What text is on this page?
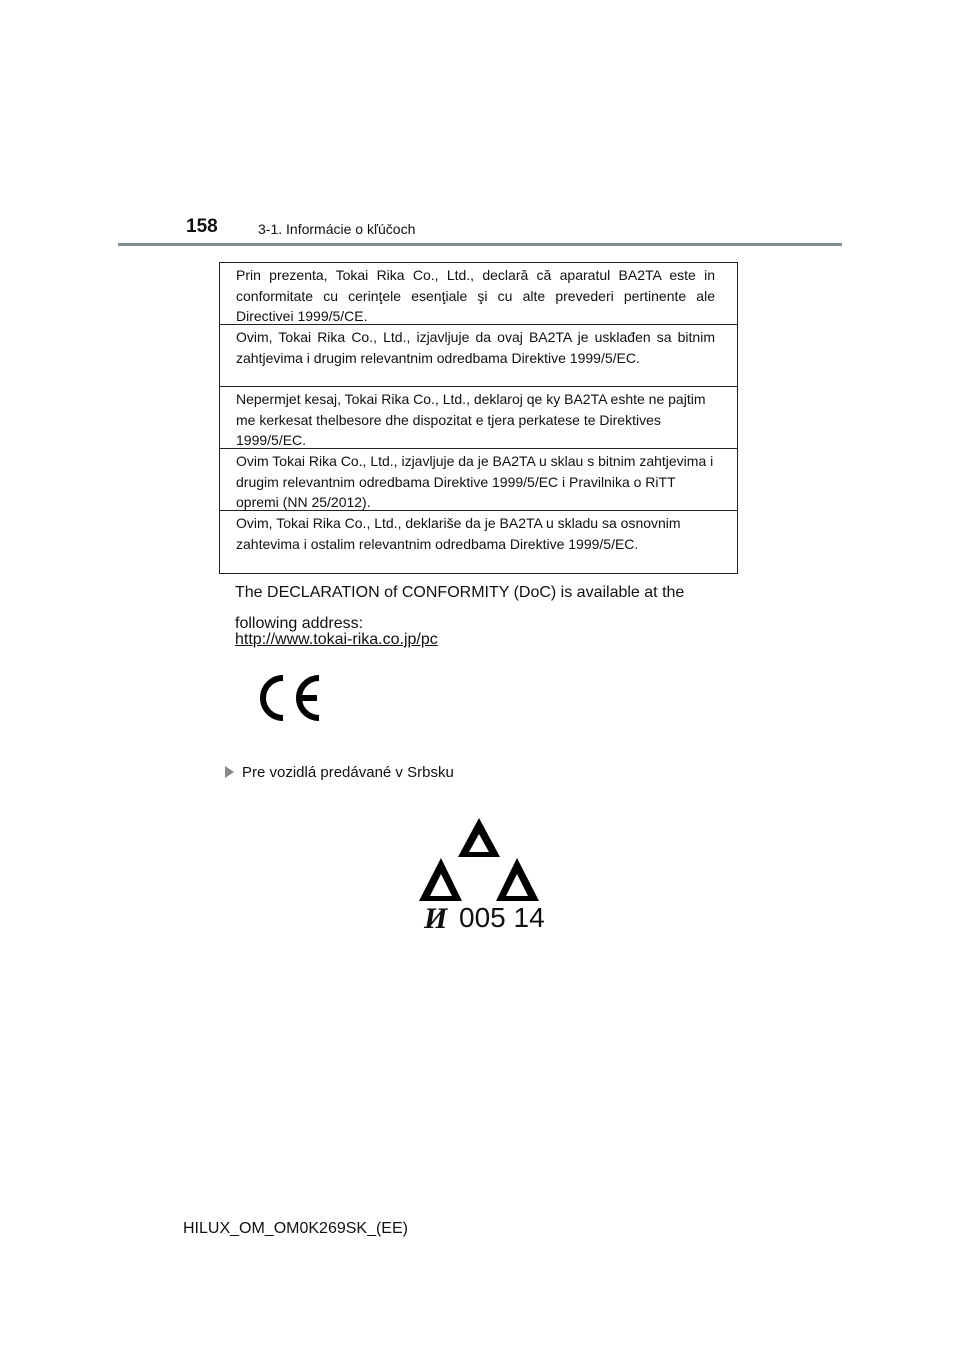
158	3-1. Informácie o kľúčoch
Prin prezenta, Tokai Rika Co., Ltd., declară că aparatul BA2TA este in conformitate cu cerinţele esenţiale şi cu alte prevederi pertinente ale Directivei 1999/5/CE.
Ovim, Tokai Rika Co., Ltd., izjavljuje da ovaj BA2TA je usklađen sa bitnim zahtjevima i drugim relevantnim odredbama Direktive 1999/5/EC.
Nepermjet kesaj, Tokai Rika Co., Ltd., deklaroj qe ky BA2TA eshte ne pajtim me kerkesat thelbesore dhe dispozitat e tjera perkatese te Direktives 1999/5/EC.
Ovim Tokai Rika Co., Ltd., izjavljuje da je BA2TA u sklau s bitnim zahtjevima i drugim relevantnim odredbama Direktive 1999/5/EC i Pravilnika o RiTT opremi (NN 25/2012).
Ovim, Tokai Rika Co., Ltd., deklariše da je BA2TA u skladu sa osnovnim zahtevima i ostalim relevantnim odredbama Direktive 1999/5/EC.
The DECLARATION of CONFORMITY (DoC) is available at the following address:
http://www.tokai-rika.co.jp/pc
CE
Pre vozidlá predávané v Srbsku
И 005 14
HILUX_OM_OM0K269SK_(EE)
